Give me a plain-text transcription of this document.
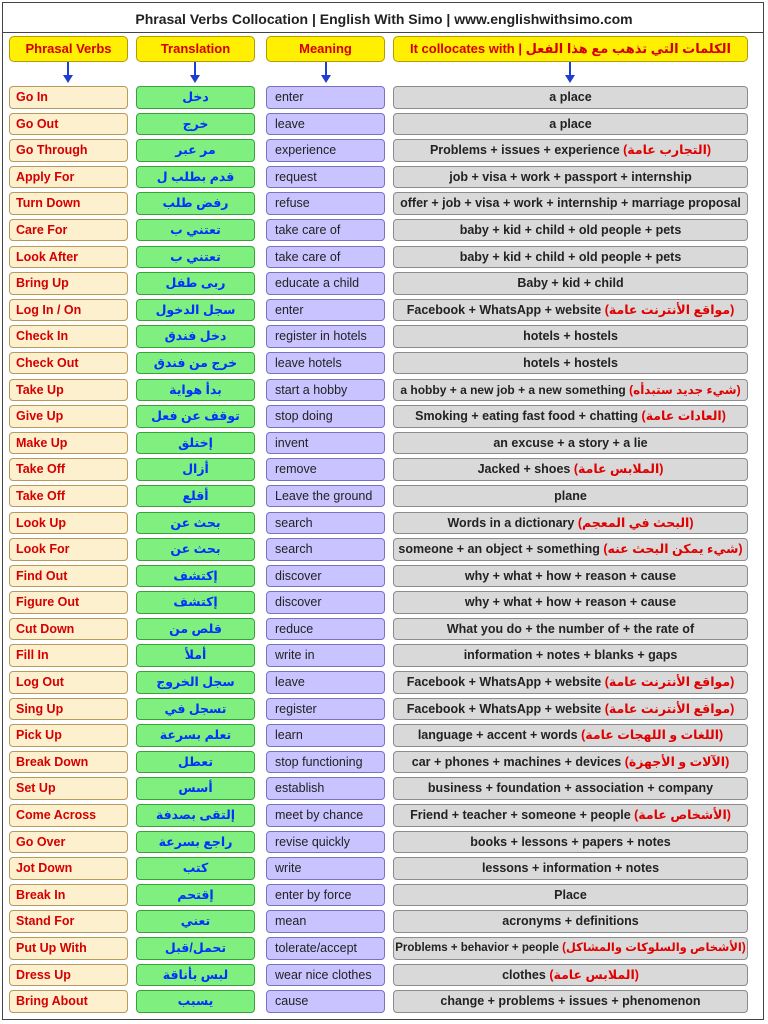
Phrasal Verbs Collocation | English With Simo | www.englishwithsimo.com
Phrasal Verbs	Translation	Meaning	It collocates with | الكلمات التي تذهب مع هذا الفعل
Go In	دخل	enter	a place
Go Out	خرج	leave	a place
Go Through	مر عبر	experience	Problems + issues + experience (التجارب عامة)
Apply For	قدم بطلب ل	request	job + visa + work + passport + internship
Turn Down	رفض طلب	refuse	offer + job + visa + work + internship + marriage proposal
Care For	تعتني ب	take care of	baby + kid + child + old people + pets
Look After	تعتني ب	take care of	baby + kid + child + old people + pets
Bring Up	ربى طفل	educate a child	Baby + kid + child
Log In / On	سجل الدخول	enter	Facebook + WhatsApp + website (مواقع الأنترنت عامة)
Check In	دخل فندق	register in hotels	hotels + hostels
Check Out	خرج من فندق	leave hotels	hotels + hostels
Take Up	بدأ هواية	start a hobby	a hobby + a new job + a new something (شيء جديد ستبدأه)
Give Up	توقف عن فعل	stop doing	Smoking + eating fast food + chatting (العادات عامة)
Make Up	إختلق	invent	an excuse + a story + a lie
Take Off	أزال	remove	Jacked + shoes (الملابس عامة)
Take Off	أقلع	Leave the ground	plane
Look Up	بحث عن	search	Words in a dictionary (البحث في المعجم)
Look For	بحث عن	search	someone + an object + something (شيء يمكن البحث عنه)
Find Out	إكتشف	discover	why + what + how + reason + cause
Figure Out	إكتشف	discover	why + what + how + reason + cause
Cut Down	قلص من	reduce	What you do + the number of + the rate of
Fill In	أملأ	write in	information + notes + blanks + gaps
Log Out	سجل الخروج	leave	Facebook + WhatsApp + website (مواقع الأنترنت عامة)
Sing Up	تسجل في	register	Facebook + WhatsApp + website (مواقع الأنترنت عامة)
Pick Up	تعلم بسرعة	learn	language + accent + words (اللغات و اللهجات عامة)
Break Down	تعطل	stop functioning	car + phones + machines + devices (الآلات و الأجهزة)
Set Up	أسس	establish	business + foundation + association + company
Come Across	إلتقى بصدفة	meet by chance	Friend + teacher + someone + people (الأشخاص عامة)
Go Over	راجع بسرعة	revise quickly	books + lessons + papers + notes
Jot Down	كتب	write	lessons + information + notes
Break In	إقتحم	enter by force	Place
Stand For	تعني	mean	acronyms + definitions
Put Up With	تحمل/قبل	tolerate/accept	Problems + behavior + people (الأشخاص والسلوكات والمشاكل)
Dress Up	لبس بأناقة	wear nice clothes	clothes (الملابس عامة)
Bring About	يسبب	cause	change + problems + issues + phenomenon
